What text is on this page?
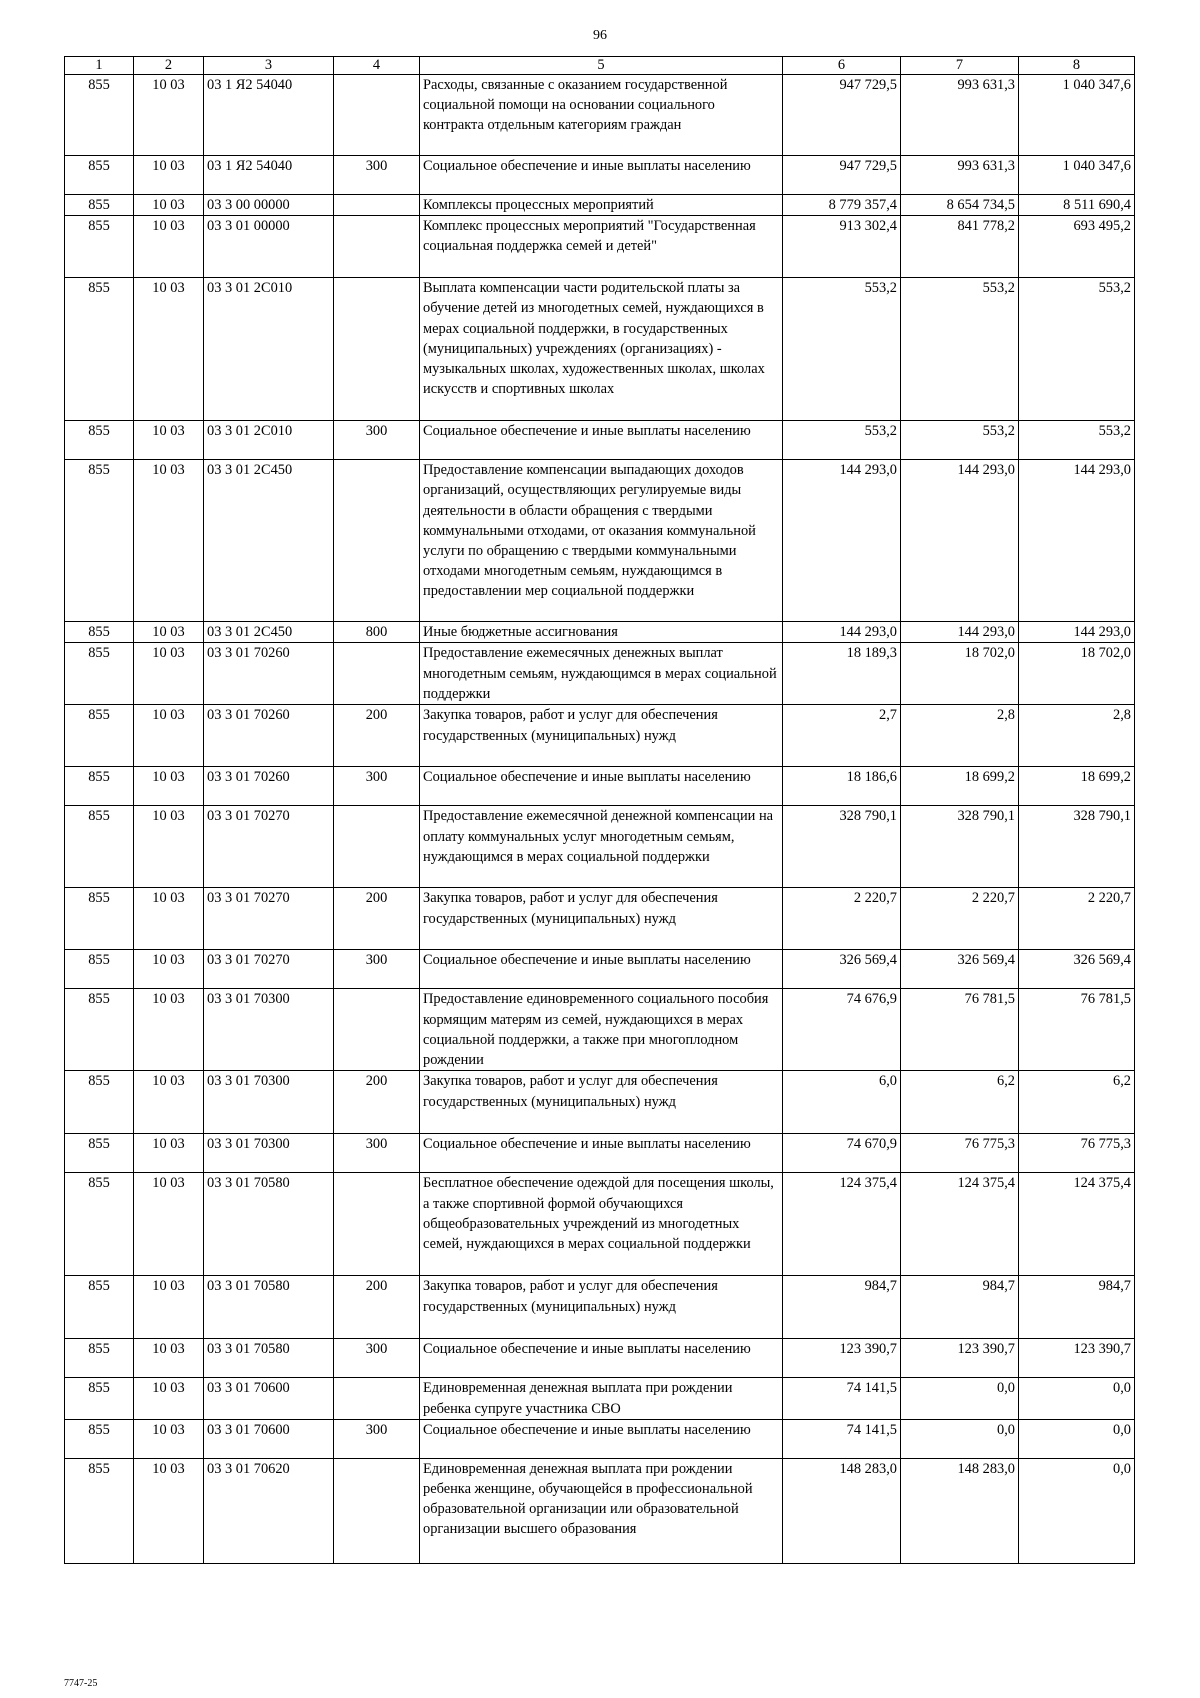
96
1	2	3	4	5	6	7	8
855	10 03	03 1 Я2 54040		Расходы, связанные с оказанием государственной социальной помощи на основании социального контракта отдельным категориям граждан	947 729,5	993 631,3	1 040 347,6
855	10 03	03 1 Я2 54040	300	Социальное обеспечение и иные выплаты населению	947 729,5	993 631,3	1 040 347,6
855	10 03	03 3 00 00000		Комплексы процессных мероприятий	8 779 357,4	8 654 734,5	8 511 690,4
855	10 03	03 3 01 00000		Комплекс процессных мероприятий "Государственная социальная поддержка семей и детей"	913 302,4	841 778,2	693 495,2
855	10 03	03 3 01 2С010		Выплата компенсации части родительской платы за обучение детей из многодетных семей, нуждающихся в мерах социальной поддержки, в государственных (муниципальных) учреждениях (организациях) - музыкальных школах, художественных школах, школах искусств и спортивных школах	553,2	553,2	553,2
855	10 03	03 3 01 2С010	300	Социальное обеспечение и иные выплаты населению	553,2	553,2	553,2
855	10 03	03 3 01 2С450		Предоставление компенсации выпадающих доходов организаций, осуществляющих регулируемые виды деятельности в области обращения с твердыми коммунальными отходами, от оказания коммунальной услуги по обращению с твердыми коммунальными отходами многодетным семьям, нуждающимся в предоставлении мер социальной поддержки	144 293,0	144 293,0	144 293,0
855	10 03	03 3 01 2С450	800	Иные бюджетные ассигнования	144 293,0	144 293,0	144 293,0
855	10 03	03 3 01 70260		Предоставление ежемесячных денежных выплат многодетным семьям, нуждающимся в мерах социальной поддержки	18 189,3	18 702,0	18 702,0
855	10 03	03 3 01 70260	200	Закупка товаров, работ и услуг для обеспечения государственных (муниципальных) нужд	2,7	2,8	2,8
855	10 03	03 3 01 70260	300	Социальное обеспечение и иные выплаты населению	18 186,6	18 699,2	18 699,2
855	10 03	03 3 01 70270		Предоставление ежемесячной денежной компенсации на оплату коммунальных услуг многодетным семьям, нуждающимся в мерах социальной поддержки	328 790,1	328 790,1	328 790,1
855	10 03	03 3 01 70270	200	Закупка товаров, работ и услуг для обеспечения государственных (муниципальных) нужд	2 220,7	2 220,7	2 220,7
855	10 03	03 3 01 70270	300	Социальное обеспечение и иные выплаты населению	326 569,4	326 569,4	326 569,4
855	10 03	03 3 01 70300		Предоставление единовременного социального пособия кормящим матерям из семей, нуждающихся в мерах социальной поддержки, а также при многоплодном рождении	74 676,9	76 781,5	76 781,5
855	10 03	03 3 01 70300	200	Закупка товаров, работ и услуг для обеспечения государственных (муниципальных) нужд	6,0	6,2	6,2
855	10 03	03 3 01 70300	300	Социальное обеспечение и иные выплаты населению	74 670,9	76 775,3	76 775,3
855	10 03	03 3 01 70580		Бесплатное обеспечение одеждой для посещения школы, а также спортивной формой обучающихся общеобразовательных учреждений из многодетных семей, нуждающихся в мерах социальной поддержки	124 375,4	124 375,4	124 375,4
855	10 03	03 3 01 70580	200	Закупка товаров, работ и услуг для обеспечения государственных (муниципальных) нужд	984,7	984,7	984,7
855	10 03	03 3 01 70580	300	Социальное обеспечение и иные выплаты населению	123 390,7	123 390,7	123 390,7
855	10 03	03 3 01 70600		Единовременная денежная выплата при рождении ребенка супруге участника СВО	74 141,5	0,0	0,0
855	10 03	03 3 01 70600	300	Социальное обеспечение и иные выплаты населению	74 141,5	0,0	0,0
855	10 03	03 3 01 70620		Единовременная денежная выплата при рождении ребенка женщине, обучающейся в профессиональной образовательной организации или образовательной организации высшего образования	148 283,0	148 283,0	0,0
7747-25
